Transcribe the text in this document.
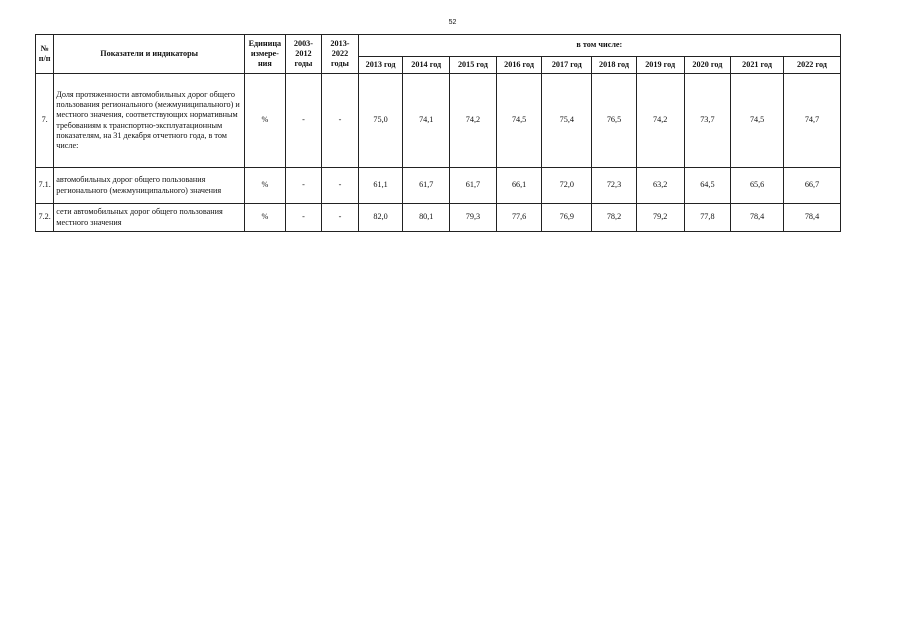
52
№ п/п	Показатели и индикаторы	Единица измере-ния	2003-2012 годы	2013-2022 годы	в том числе:									
					2013 год	2014 год	2015 год	2016 год	2017 год	2018 год	2019 год	2020 год	2021 год	2022 год
7.	Доля протяженности автомобильных дорог общего пользования регионального (межмуниципального) и местного значения, соответствующих нормативным требованиям к транспортно-эксплуатационным показателям, на 31 декабря отчетного года, в том числе:	%	-	-	75,0	74,1	74,2	74,5	75,4	76,5	74,2	73,7	74,5	74,7
7.1.	автомобильных дорог общего пользования регионального (межмуниципального) значения	%	-	-	61,1	61,7	61,7	66,1	72,0	72,3	63,2	64,5	65,6	66,7
7.2.	сети автомобильных дорог общего пользования местного значения	%	-	-	82,0	80,1	79,3	77,6	76,9	78,2	79,2	77,8	78,4	78,4
